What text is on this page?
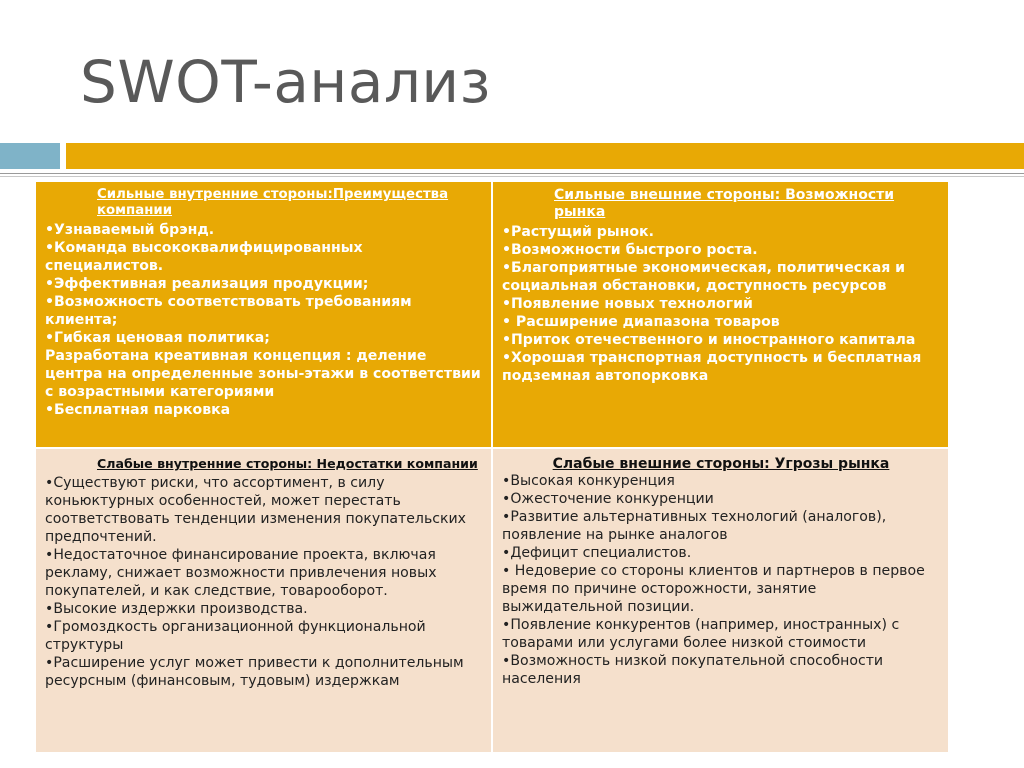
SWOT-анализ
Сильные внутренние стороны:Преимущества компании
•Узнаваемый брэнд.
•Команда высококвалифицированных специалистов.
•Эффективная реализация продукции;
•Возможность соответствовать требованиям клиента;
•Гибкая ценовая политика;
Разработана креативная концепция : деление центра на определенные зоны-этажи в соответствии с возрастными категориями
•Бесплатная парковка
Сильные внешние стороны: Возможности рынка
•Растущий рынок.
•Возможности быстрого роста.
•Благоприятные экономическая, политическая и социальная обстановки, доступность ресурсов
•Появление новых технологий
• Расширение диапазона товаров
•Приток отечественного и иностранного капитала
•Хорошая транспортная доступность и бесплатная подземная автопорковка
Слабые внутренние стороны: Недостатки компании
•Существуют риски, что ассортимент, в силу коньюктурных особенностей, может перестать соответствовать тенденции изменения покупательских предпочтений.
•Недостаточное финансирование проекта, включая рекламу, снижает возможности привлечения новых покупателей, и как следствие, товарооборот.
•Высокие издержки производства.
•Громоздкость организационной функциональной структуры
•Расширение услуг может привести к дополнительным ресурсным (финансовым, тудовым) издержкам
Слабые внешние стороны: Угрозы рынка
•Высокая конкуренция
•Ожесточение конкуренции
•Развитие альтернативных технологий (аналогов), появление на рынке аналогов
•Дефицит специалистов.
• Недоверие со стороны клиентов и партнеров в первое время по причине осторожности, занятие выжидательной позиции.
•Появление конкурентов (например, иностранных) с товарами или услугами более низкой стоимости
•Возможность низкой покупательной способности населения
